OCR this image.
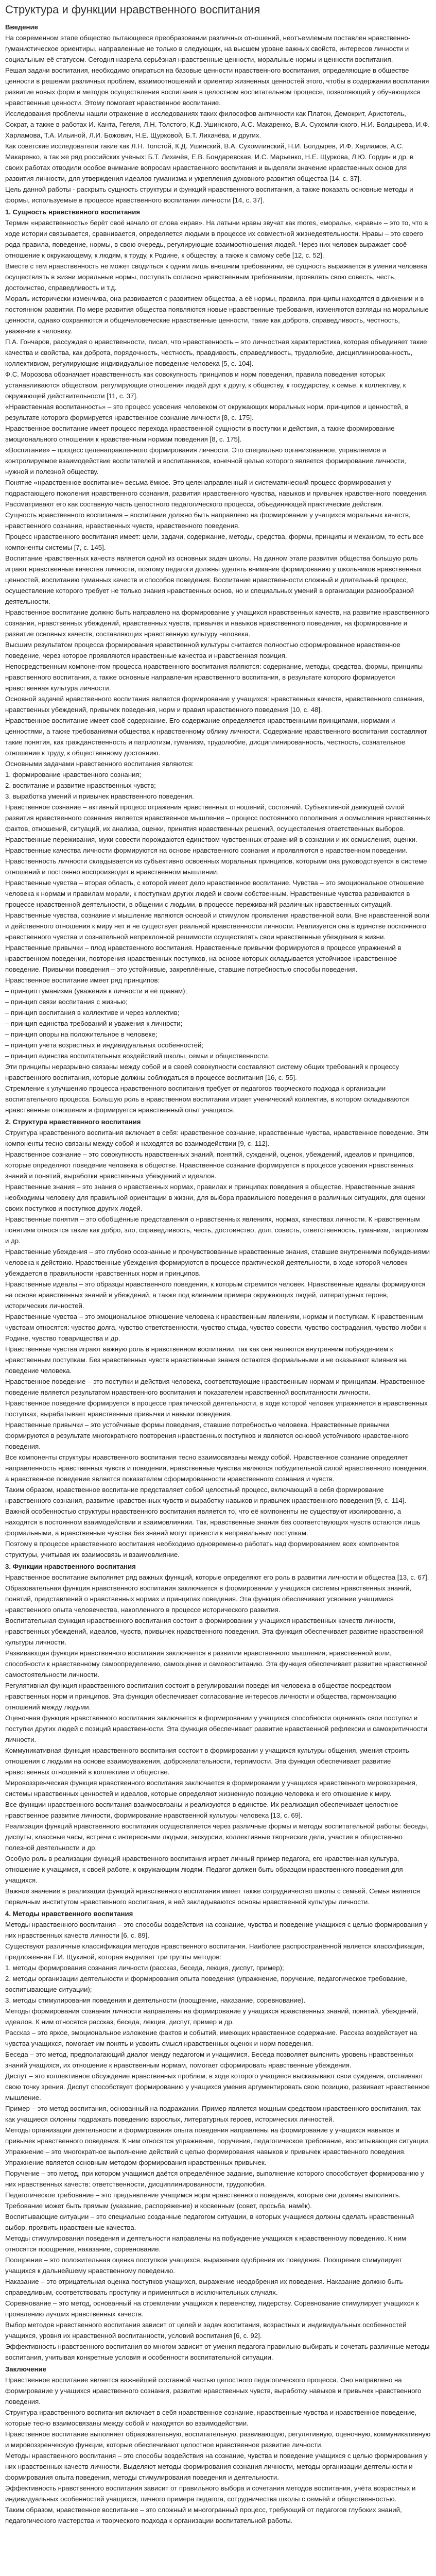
Структура и функции нравственного воспитания
Введение
На современном этапе общество пытающееся преобразовании различных отношений, неотъемлемым поставлен нравственно-гуманистическое ориентиры, направленные не только в следующих, на высшем уровне важных свойств, интересов личности и социальным её статусом. Сегодня назрела серьёзная нравственные ценности, моральные нормы и ценности воспитания.
Решая задачи воспитания, необходимо опираться на базовые ценности нравственного воспитания, определяющие в обществе ценности в решении различных проблем, взаимоотношений и ориентир жизненных ценностей этого, чтобы в содержании воспитания развитие новых форм и методов осуществления воспитания в целостном воспитательном процессе, позволяющий у обучающихся нравственные ценности. Этому помогает нравственное воспитание.
Исследования проблемы нашли отражение в исследованиях таких философов античности как Платон, Демокрит, Аристотель, Сократ, а также в работах И. Канта, Гегеля, Л.Н. Толстого, К.Д. Ушинского, А.С. Макаренко, В.А. Сухомлинского, Н.И. Болдырева, И.Ф. Харламова, Т.А. Ильиной, Л.И. Божович, Н.Е. Щурковой, Б.Т. Лихачёва, и других.
Как советские исследователи такие как Л.Н. Толстой, К.Д. Ушинский, В.А. Сухомлинский, Н.И. Болдырев, И.Ф. Харламов, А.С. Макаренко, а так же ряд российских учёных: Б.Т. Лихачёв, Е.В. Бондаревская, И.С. Марьенко, Н.Е. Щуркова, Л.Ю. Гордин и др. в своих работах отводили особое внимание вопросам нравственного воспитания и выделяли значение нравственных основ для развития личности, для утверждения идеалов гуманизма и укрепления духовного развития общества [14, с. 37].
Цель данной работы - раскрыть сущность структуры и функций нравственного воспитания, а также показать основные методы и формы, используемые в процессе нравственного воспитания личности [14, с. 37].
1. Сущность нравственного воспитания
Термин «нравственность» берёт своё начало от слова «нрав». На латыни нравы звучат как mores, «мораль», «нравы» – это то, что в ходе истории связывается, сравнивается, определяется людьми в процессе их совместной жизнедеятельности. Нравы – это своего рода правила, поведение, нормы, в свою очередь, регулирующие взаимоотношения людей. Через них человек выражает своё отношение к окружающему, к людям, к труду, к Родине, к обществу, а также к самому себе [12, с. 52].
Вместе с тем нравственность не может сводиться к одним лишь внешним требованиям, её сущность выражается в умении человека осуществлять в жизни моральные нормы, поступать согласно нравственным требованиям, проявлять свою совесть, честь, достоинство, справедливость и т.д.
Мораль исторически изменчива, она развивается с развитием общества, а её нормы, правила, принципы находятся в движении и в постоянном развитии. По мере развития общества появляются новые нравственные требования, изменяются взгляды на моральные ценности, однако сохраняются и общечеловеческие нравственные ценности, такие как доброта, справедливость, честность, уважение к человеку.
П.А. Гончаров, рассуждая о нравственности, писал, что нравственность – это личностная характеристика, которая объединяет такие качества и свойства, как доброта, порядочность, честность, правдивость, справедливость, трудолюбие, дисциплинированность, коллективизм, регулирующие индивидуальное поведение человека [5, с. 104].
Ф.С. Морозова обозначает нравственность как совокупность принципов и норм поведения, правила поведения которых устанавливаются обществом, регулирующие отношения людей друг к другу, к обществу, к государству, к семье, к коллективу, к окружающей действительности [11, с. 37].
«Нравственная воспитанность» – это процесс усвоения человеком от окружающих моральных норм, принципов и ценностей, в результате которого формируется нравственное сознание личности [8, с. 175].
Нравственное воспитание имеет процесс перехода нравственной сущности в поступки и действия, а также формирование эмоционального отношения к нравственным нормам поведения [8, с. 175].
«Воспитание» – процесс целенаправленного формирования личности. Это специально организованное, управляемое и контролируемое взаимодействие воспитателей и воспитанников, конечной целью которого является формирование личности, нужной и полезной обществу.
Понятие «нравственное воспитание» весьма ёмкое. Это целенаправленный и систематический процесс формирования у подрастающего поколения нравственного сознания, развития нравственного чувства, навыков и привычек нравственного поведения. Рассматривают его как составную часть целостного педагогического процесса, объединяющей практические действия.
Сущность нравственного воспитания – воспитание должно быть направлено на формирование у учащихся моральных качеств, нравственного сознания, нравственных чувств, нравственного поведения.
Процесс нравственного воспитания имеет: цели, задачи, содержание, методы, средства, формы, принципы и механизм, то есть все компоненты системы [7, с. 145].
Воспитание нравственных качеств является одной из основных задач школы. На данном этапе развития общества большую роль играют нравственные качества личности, поэтому педагоги должны уделять внимание формированию у школьников нравственных ценностей, воспитанию гуманных качеств и способов поведения. Воспитание нравственности сложный и длительный процесс, осуществление которого требует не только знания нравственных основ, но и специальных умений в организации разнообразной деятельности.
Нравственное воспитание должно быть направлено на формирование у учащихся нравственных качеств, на развитие нравственного сознания, нравственных убеждений, нравственных чувств, привычек и навыков нравственного поведения, на формирование и развитие основных качеств, составляющих нравственную культуру человека.
Высшим результатом процесса формирования нравственной культуры считается полностью сформированное нравственное поведение, через которое проявляются нравственные качества и нравственная позиция.
Непосредственным компонентом процесса нравственного воспитания являются: содержание, методы, средства, формы, принципы нравственного воспитания, а также основные направления нравственного воспитания, в результате которого формируется нравственная культура личности.
Основной задачей нравственного воспитания является формирование у учащихся: нравственных качеств, нравственного сознания, нравственных убеждений, привычек поведения, норм и правил нравственного поведения [10, с. 48].
Нравственное воспитание имеет своё содержание. Его содержание определяется нравственными принципами, нормами и ценностями, а также требованиями общества к нравственному облику личности. Содержание нравственного воспитания составляют такие понятия, как гражданственность и патриотизм, гуманизм, трудолюбие, дисциплинированность, честность, сознательное отношение к труду, к общественному достоянию.
Основными задачами нравственного воспитания являются:
1. формирование нравственного сознания;
2. воспитание и развитие нравственных чувств;
3. выработка умений и привычек нравственного поведения.
Нравственное сознание – активный процесс отражения нравственных отношений, состояний. Субъективной движущей силой развития нравственного сознания является нравственное мышление – процесс постоянного пополнения и осмысления нравственных фактов, отношений, ситуаций, их анализа, оценки, принятия нравственных решений, осуществления ответственных выборов. Нравственные переживания, муки совести порождаются единством чувственных отражений в сознании и их осмысления, оценки. Нравственные качества личности формируются на основе нравственного сознания и проявляются в нравственном поведении.
Нравственность личности складывается из субъективно освоенных моральных принципов, которыми она руководствуется в системе отношений и постоянно воспроизводит в нравственном мышлении.
Нравственные чувства – вторая область, с которой имеет дело нравственное воспитание. Чувства – это эмоциональное отношение человека к нормам и правилам морали, к поступкам других людей и своим собственным. Нравственные чувства развиваются в процессе нравственной деятельности, в общении с людьми, в процессе переживаний различных нравственных ситуаций.
Нравственные чувства, сознание и мышление являются основой и стимулом проявления нравственной воли. Вне нравственной воли и действенного отношения к миру нет и не существует реальной нравственности личности. Реализуется она в единстве постоянного нравственного чувства и сознательной непреклонной решимости осуществлять свои нравственные убеждения в жизни.
Нравственные привычки – плод нравственного воспитания. Нравственные привычки формируются в процессе упражнений в нравственном поведении, повторения нравственных поступков, на основе которых складывается устойчивое нравственное поведение. Привычки поведения – это устойчивые, закреплённые, ставшие потребностью способы поведения.
Нравственное воспитание имеет ряд принципов:
– принцип гуманизма (уважения к личности и её правам);
– принцип связи воспитания с жизнью;
– принцип воспитания в коллективе и через коллектив;
– принцип единства требований и уважения к личности;
– принцип опоры на положительное в человеке;
– принцип учёта возрастных и индивидуальных особенностей;
– принцип единства воспитательных воздействий школы, семьи и общественности.
Эти принципы неразрывно связаны между собой и в своей совокупности составляют систему общих требований к процессу нравственного воспитания, которые должны соблюдаться в процессе воспитания [16, с. 55].
Стремление к улучшению процесса нравственного воспитания требует от педагогов творческого подхода к организации воспитательного процесса. Большую роль в нравственном воспитании играет ученический коллектив, в котором складываются нравственные отношения и формируется нравственный опыт учащихся.
2. Структура нравственного воспитания
Структура нравственного воспитания включает в себя: нравственное сознание, нравственные чувства, нравственное поведение. Эти компоненты тесно связаны между собой и находятся во взаимодействии [9, с. 112].
Нравственное сознание – это совокупность нравственных знаний, понятий, суждений, оценок, убеждений, идеалов и принципов, которые определяют поведение человека в обществе. Нравственное сознание формируется в процессе усвоения нравственных знаний и понятий, выработки нравственных убеждений и идеалов.
Нравственные знания – это знания о нравственных нормах, правилах и принципах поведения в обществе. Нравственные знания необходимы человеку для правильной ориентации в жизни, для выбора правильного поведения в различных ситуациях, для оценки своих поступков и поступков других людей.
Нравственные понятия – это обобщённые представления о нравственных явлениях, нормах, качествах личности. К нравственным понятиям относятся такие как добро, зло, справедливость, честь, достоинство, долг, совесть, ответственность, гуманизм, патриотизм и др.
Нравственные убеждения – это глубоко осознанные и прочувствованные нравственные знания, ставшие внутренними побуждениями человека к действию. Нравственные убеждения формируются в процессе практической деятельности, в ходе которой человек убеждается в правильности нравственных норм и принципов.
Нравственные идеалы – это образцы нравственного поведения, к которым стремится человек. Нравственные идеалы формируются на основе нравственных знаний и убеждений, а также под влиянием примера окружающих людей, литературных героев, исторических личностей.
Нравственные чувства – это эмоциональное отношение человека к нравственным явлениям, нормам и поступкам. К нравственным чувствам относятся: чувство долга, чувство ответственности, чувство стыда, чувство совести, чувство сострадания, чувство любви к Родине, чувство товарищества и др.
Нравственные чувства играют важную роль в нравственном воспитании, так как они являются внутренним побуждением к нравственным поступкам. Без нравственных чувств нравственные знания остаются формальными и не оказывают влияния на поведение человека.
Нравственное поведение – это поступки и действия человека, соответствующие нравственным нормам и принципам. Нравственное поведение является результатом нравственного воспитания и показателем нравственной воспитанности личности.
Нравственное поведение формируется в процессе практической деятельности, в ходе которой человек упражняется в нравственных поступках, вырабатывает нравственные привычки и навыки поведения.
Нравственные привычки – это устойчивые формы поведения, ставшие потребностью человека. Нравственные привычки формируются в результате многократного повторения нравственных поступков и являются основой устойчивого нравственного поведения.
Все компоненты структуры нравственного воспитания тесно взаимосвязаны между собой. Нравственное сознание определяет направленность нравственных чувств и поведения, нравственные чувства являются побудительной силой нравственного поведения, а нравственное поведение является показателем сформированности нравственного сознания и чувств.
Таким образом, нравственное воспитание представляет собой целостный процесс, включающий в себя формирование нравственного сознания, развитие нравственных чувств и выработку навыков и привычек нравственного поведения [9, с. 114].
Важной особенностью структуры нравственного воспитания является то, что её компоненты не существуют изолированно, а находятся в постоянном взаимодействии и взаимовлиянии. Так, нравственные знания без соответствующих чувств остаются лишь формальными, а нравственные чувства без знаний могут привести к неправильным поступкам.
Поэтому в процессе нравственного воспитания необходимо одновременно работать над формированием всех компонентов структуры, учитывая их взаимосвязь и взаимовлияние.
3. Функции нравственного воспитания
Нравственное воспитание выполняет ряд важных функций, которые определяют его роль в развитии личности и общества [13, с. 67].
Образовательная функция нравственного воспитания заключается в формировании у учащихся системы нравственных знаний, понятий, представлений о нравственных нормах и принципах поведения. Эта функция обеспечивает усвоение учащимися нравственного опыта человечества, накопленного в процессе исторического развития.
Воспитательная функция нравственного воспитания состоит в формировании у учащихся нравственных качеств личности, нравственных убеждений, идеалов, чувств, привычек нравственного поведения. Эта функция обеспечивает развитие нравственной культуры личности.
Развивающая функция нравственного воспитания заключается в развитии нравственного мышления, нравственной воли, способности к нравственному самоопределению, самооценке и самовоспитанию. Эта функция обеспечивает развитие нравственной самостоятельности личности.
Регулятивная функция нравственного воспитания состоит в регулировании поведения человека в обществе посредством нравственных норм и принципов. Эта функция обеспечивает согласование интересов личности и общества, гармонизацию отношений между людьми.
Оценочная функция нравственного воспитания заключается в формировании у учащихся способности оценивать свои поступки и поступки других людей с позиций нравственности. Эта функция обеспечивает развитие нравственной рефлексии и самокритичности личности.
Коммуникативная функция нравственного воспитания состоит в формировании у учащихся культуры общения, умения строить отношения с людьми на основе взаимоуважения, доброжелательности, терпимости. Эта функция обеспечивает развитие нравственных отношений в коллективе и обществе.
Мировоззренческая функция нравственного воспитания заключается в формировании у учащихся нравственного мировоззрения, системы нравственных ценностей и идеалов, которые определяют жизненную позицию человека и его отношение к миру.
Все функции нравственного воспитания взаимосвязаны и реализуются в единстве. Их реализация обеспечивает целостное нравственное развитие личности, формирование нравственной культуры человека [13, с. 69].
Реализация функций нравственного воспитания осуществляется через различные формы и методы воспитательной работы: беседы, диспуты, классные часы, встречи с интересными людьми, экскурсии, коллективные творческие дела, участие в общественно полезной деятельности и др.
Особую роль в реализации функций нравственного воспитания играет личный пример педагога, его нравственная культура, отношение к учащимся, к своей работе, к окружающим людям. Педагог должен быть образцом нравственного поведения для учащихся.
Важное значение в реализации функций нравственного воспитания имеет также сотрудничество школы с семьёй. Семья является первичным институтом нравственного воспитания, в ней закладываются основы нравственной культуры личности.
4. Методы нравственного воспитания
Методы нравственного воспитания – это способы воздействия на сознание, чувства и поведение учащихся с целью формирования у них нравственных качеств личности [6, с. 89].
Существуют различные классификации методов нравственного воспитания. Наиболее распространённой является классификация, предложенная Г.И. Щукиной, которая выделяет три группы методов:
1. методы формирования сознания личности (рассказ, беседа, лекция, диспут, пример);
2. методы организации деятельности и формирования опыта поведения (упражнение, поручение, педагогическое требование, воспитывающие ситуации);
3. методы стимулирования поведения и деятельности (поощрение, наказание, соревнование).
Методы формирования сознания личности направлены на формирование у учащихся нравственных знаний, понятий, убеждений, идеалов. К ним относятся рассказ, беседа, лекция, диспут, пример и др.
Рассказ – это яркое, эмоциональное изложение фактов и событий, имеющих нравственное содержание. Рассказ воздействует на чувства учащихся, помогает им понять и усвоить смысл нравственных оценок и норм поведения.
Беседа – это метод, предполагающий диалог между педагогом и учащимися. Беседа позволяет выяснить уровень нравственных знаний учащихся, их отношение к нравственным нормам, помогает сформировать нравственные убеждения.
Диспут – это коллективное обсуждение нравственных проблем, в ходе которого учащиеся высказывают свои суждения, отстаивают свою точку зрения. Диспут способствует формированию у учащихся умения аргументировать свою позицию, развивает нравственное мышление.
Пример – это метод воспитания, основанный на подражании. Пример является мощным средством нравственного воспитания, так как учащиеся склонны подражать поведению взрослых, литературных героев, исторических личностей.
Методы организации деятельности и формирования опыта поведения направлены на формирование у учащихся навыков и привычек нравственного поведения. К ним относятся упражнение, поручение, педагогическое требование, воспитывающие ситуации.
Упражнение – это многократное выполнение действий с целью формирования навыков и привычек нравственного поведения. Упражнение является основным методом формирования нравственных привычек.
Поручение – это метод, при котором учащимся даётся определённое задание, выполнение которого способствует формированию у них нравственных качеств: ответственности, дисциплинированности, трудолюбия.
Педагогическое требование – это предъявление учащимся норм нравственного поведения, которые они должны выполнять. Требование может быть прямым (указание, распоряжение) и косвенным (совет, просьба, намёк).
Воспитывающие ситуации – это специально созданные педагогом ситуации, в которых учащиеся должны сделать нравственный выбор, проявить нравственные качества.
Методы стимулирования поведения и деятельности направлены на побуждение учащихся к нравственному поведению. К ним относятся поощрение, наказание, соревнование.
Поощрение – это положительная оценка поступков учащихся, выражение одобрения их поведения. Поощрение стимулирует учащихся к дальнейшему нравственному поведению.
Наказание – это отрицательная оценка поступков учащихся, выражение неодобрения их поведения. Наказание должно быть справедливым, соответствовать проступку и применяться в исключительных случаях.
Соревнование – это метод, основанный на стремлении учащихся к первенству, лидерству. Соревнование стимулирует учащихся к проявлению лучших нравственных качеств.
Выбор методов нравственного воспитания зависит от целей и задач воспитания, возрастных и индивидуальных особенностей учащихся, уровня их нравственной воспитанности, условий воспитания [6, с. 92].
Эффективность нравственного воспитания во многом зависит от умения педагога правильно выбирать и сочетать различные методы воспитания, учитывая конкретные условия и особенности воспитательной ситуации.
Заключение
Нравственное воспитание является важнейшей составной частью целостного педагогического процесса. Оно направлено на формирование у учащихся нравственного сознания, развитие нравственных чувств, выработку навыков и привычек нравственного поведения.
Структура нравственного воспитания включает в себя нравственное сознание, нравственные чувства и нравственное поведение, которые тесно взаимосвязаны между собой и находятся во взаимодействии.
Нравственное воспитание выполняет образовательную, воспитательную, развивающую, регулятивную, оценочную, коммуникативную и мировоззренческую функции, которые обеспечивают целостное нравственное развитие личности.
Методы нравственного воспитания – это способы воздействия на сознание, чувства и поведение учащихся с целью формирования у них нравственных качеств личности. Выделяют методы формирования сознания личности, методы организации деятельности и формирования опыта поведения, методы стимулирования поведения и деятельности.
Эффективность нравственного воспитания зависит от правильного выбора и сочетания методов воспитания, учёта возрастных и индивидуальных особенностей учащихся, личного примера педагога, сотрудничества школы с семьёй и общественностью.
Таким образом, нравственное воспитание – это сложный и многогранный процесс, требующий от педагогов глубоких знаний, педагогического мастерства и творческого подхода к организации воспитательной работы.
